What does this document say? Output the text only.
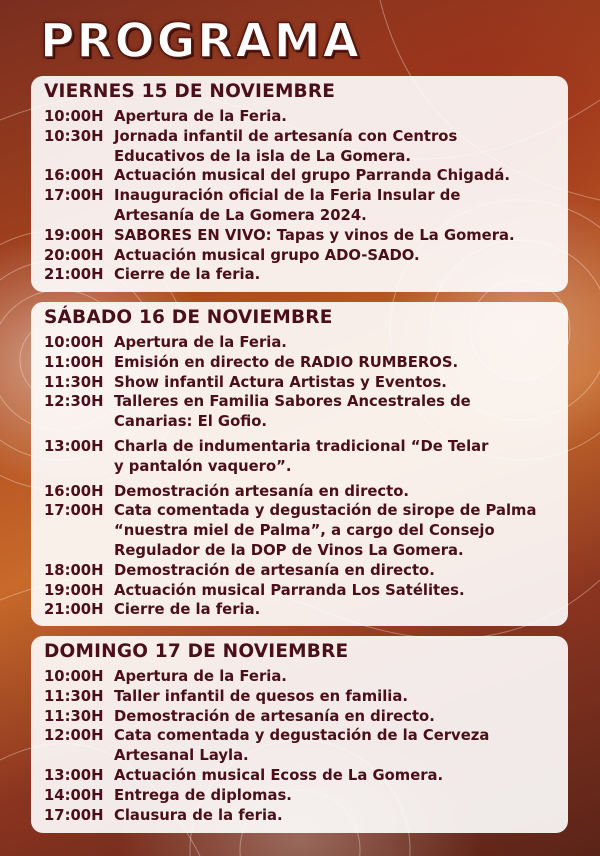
PROGRAMA
VIERNES 15 DE NOVIEMBRE
10:00H Apertura de la Feria.
10:30H Jornada infantil de artesanía con Centros
Educativos de la isla de La Gomera.
16:00H Actuación musical del grupo Parranda Chigadá.
17:00H Inauguración oficial de la Feria Insular de
Artesanía de La Gomera 2024.
19:00H SABORES EN VIVO: Tapas y vinos de La Gomera.
20:00H Actuación musical grupo ADO-SADO.
21:00H Cierre de la feria.
SÁBADO 16 DE NOVIEMBRE
10:00H Apertura de la Feria.
11:00H Emisión en directo de RADIO RUMBEROS.
11:30H Show infantil Actura Artistas y Eventos.
12:30H Talleres en Familia Sabores Ancestrales de
Canarias: El Gofio.
13:00H Charla de indumentaria tradicional “De Telar
y pantalón vaquero”.
16:00H Demostración artesanía en directo.
17:00H Cata comentada y degustación de sirope de Palma
“nuestra miel de Palma”, a cargo del Consejo
Regulador de la DOP de Vinos La Gomera.
18:00H Demostración de artesanía en directo.
19:00H Actuación musical Parranda Los Satélites.
21:00H Cierre de la feria.
DOMINGO 17 DE NOVIEMBRE
10:00H Apertura de la Feria.
11:30H Taller infantil de quesos en familia.
11:30H Demostración de artesanía en directo.
12:00H Cata comentada y degustación de la Cerveza
Artesanal Layla.
13:00H Actuación musical Ecoss de La Gomera.
14:00H Entrega de diplomas.
17:00H Clausura de la feria.
